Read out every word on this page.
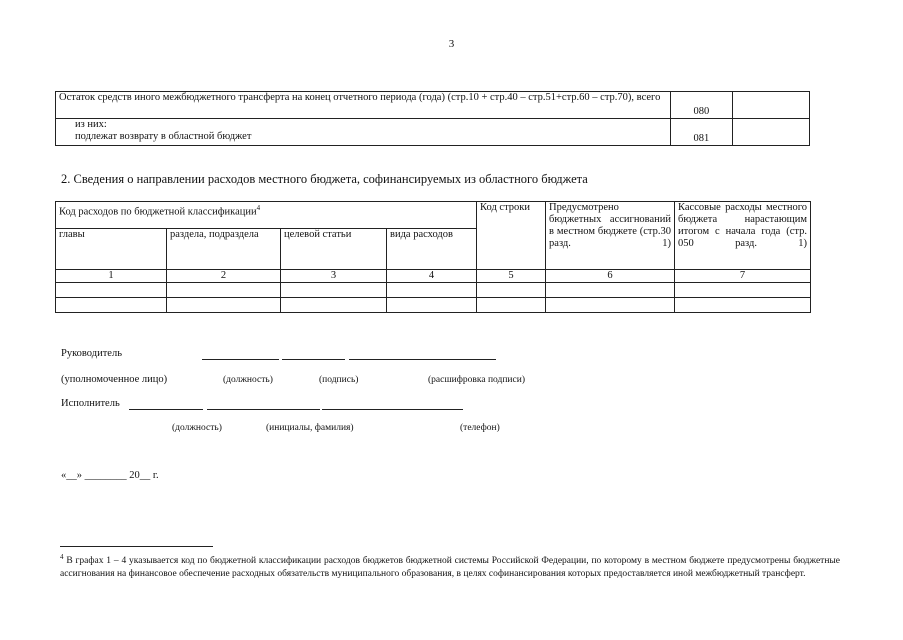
3
Остаток средств иного межбюджетного трансферта на конец отчетного периода (года) (стр.10 + стр.40 – стр.51+стр.60 – стр.70), всего	080	

из них:
подлежат возврату в областной бюджет	081	
2. Сведения о направлении расходов местного бюджета, софинансируемых из областного бюджета
Код расходов по бюджетной классификации$^4$				Код строки	Предусмотрено бюджетных ассигнований в местном бюджете (стр.30 разд. 1)	Кассовые расходы местного бюджета нарастающим итогом с начала года (стр. 050 разд. 1)
главы	раздела, подраздела	целевой статьи	вида расходов			
1	2	3	4	5	6	7

Руководитель
(уполномоченное лицо)	(должность)	(подпись)	(расшифровка подписи)
Исполнитель
(должность)	(инициалы, фамилия)	(телефон)
«__» ________ 20__ г.
$^4$ В графах 1 – 4 указывается код по бюджетной классификации расходов бюджетов бюджетной системы Российской Федерации, по которому в местном бюджете предусмотрены бюджетные ассигнования на финансовое обеспечение расходных обязательств муниципального образования, в целях софинансирования которых предоставляется иной межбюджетный трансферт.
